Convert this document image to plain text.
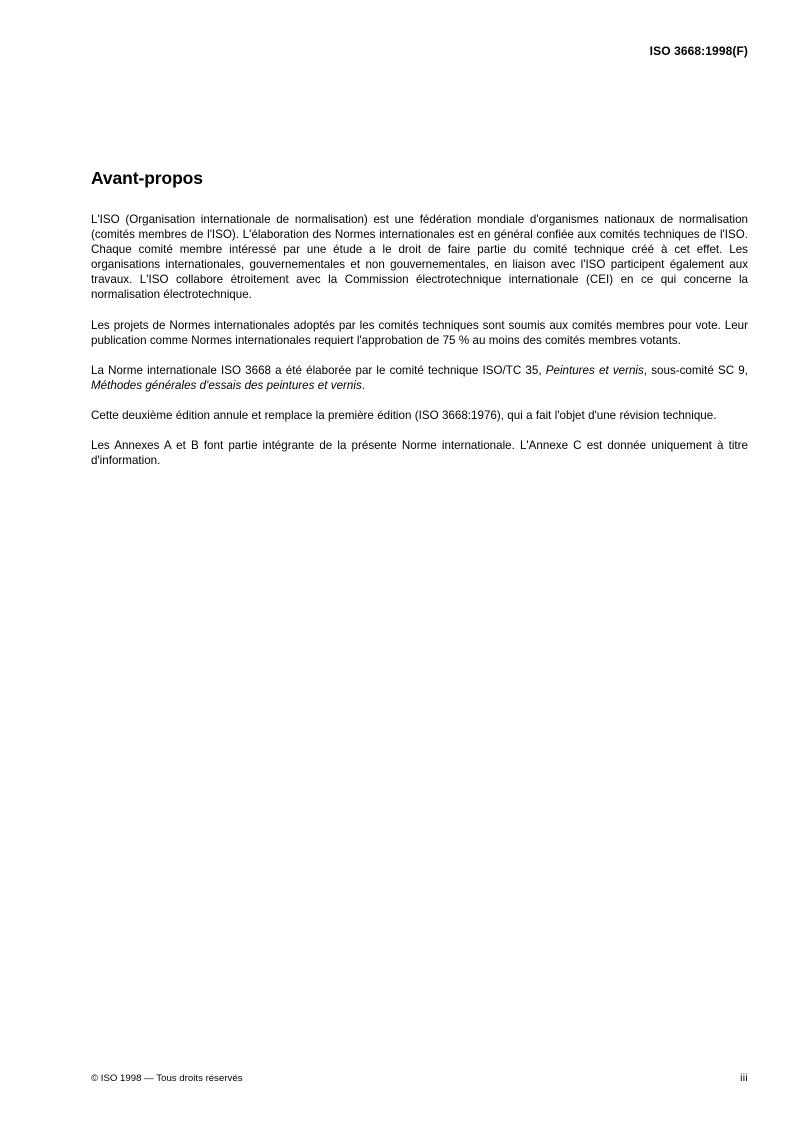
ISO 3668:1998(F)
Avant-propos

L'ISO (Organisation internationale de normalisation) est une fédération mondiale d'organismes nationaux de normalisation (comités membres de l'ISO). L'élaboration des Normes internationales est en général confiée aux comités techniques de l'ISO. Chaque comité membre intéressé par une étude a le droit de faire partie du comité technique créé à cet effet. Les organisations internationales, gouvernementales et non gouvernementales, en liaison avec l'ISO participent également aux travaux. L'ISO collabore étroitement avec la Commission électrotechnique internationale (CEI) en ce qui concerne la normalisation électrotechnique.

Les projets de Normes internationales adoptés par les comités techniques sont soumis aux comités membres pour vote. Leur publication comme Normes internationales requiert l'approbation de 75 % au moins des comités membres votants.

La Norme internationale ISO 3668 a été élaborée par le comité technique ISO/TC 35, Peintures et vernis, sous-comité SC 9, Méthodes générales d'essais des peintures et vernis.

Cette deuxième édition annule et remplace la première édition (ISO 3668:1976), qui a fait l'objet d'une révision technique.

Les Annexes A et B font partie intégrante de la présente Norme internationale. L'Annexe C est donnée uniquement à titre d'information.

© ISO 1998 — Tous droits réservés	iii
